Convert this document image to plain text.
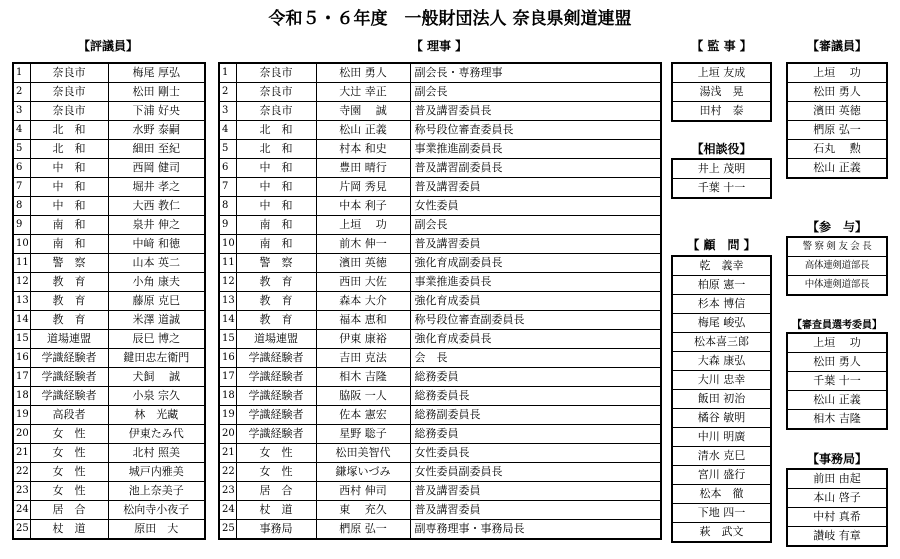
令和５・６年度　一般財団法人 奈良県剣道連盟
【評議員】
1	奈良市	梅尾 厚弘
2	奈良市	松田 剛士
3	奈良市	下浦 好央
4	北　和	水野 泰嗣
5	北　和	細田 至紀
6	中　和	西岡 健司
7	中　和	堀井 孝之
8	中　和	大西 教仁
9	南　和	泉井 伸之
10	南　和	中﨑 和徳
11	警　察	山本 英二
12	教　育	小角 康夫
13	教　育	藤原 克巳
14	教　育	米澤 道誠
15	道場連盟	辰巳 博之
16	学識経験者	鍵田忠左衛門
17	学識経験者	犬飼　 誠
18	学識経験者	小泉 宗久
19	高段者	林　光藏
20	女　性	伊東たみ代
21	女　性	北村 照美
22	女　性	城戸内雅美
23	女　性	池上奈美子
24	居　合	松向寺小夜子
25	杖　道	原田　大
【 理事 】
1	奈良市	松田 勇人	副会長・専務理事
2	奈良市	大辻 幸正	副会長
3	奈良市	寺園　 誠	普及講習委員長
4	北　和	松山 正義	称号段位審査委員長
5	北　和	村本 和史	事業推進副委員長
6	中　和	豊田 晴行	普及講習副委員長
7	中　和	片岡 秀見	普及講習委員
8	中　和	中本 利子	女性委員
9	南　和	上垣　 功	副会長
10	南　和	前木 伸一	普及講習委員
11	警　察	濱田 英徳	強化育成副委員長
12	教　育	西田 大佐	事業推進委員長
13	教　育	森本 大介	強化育成委員
14	教　育	福本 恵和	称号段位審査副委員長
15	道場連盟	伊東 康裕	強化育成委員長
16	学識経験者	吉田 克法	会　長
17	学識経験者	相木 吉隆	総務委員
18	学識経験者	脇阪 一人	総務委員長
19	学識経験者	佐本 憲宏	総務副委員長
20	学識経験者	星野 聡子	総務委員
21	女　性	松田美智代	女性委員長
22	女　性	鎌塚いづみ	女性委員副委員長
23	居　合	西村 伸司	普及講習委員
24	杖　道	東　 充久	普及講習委員
25	事務局	椚原 弘一	副専務理事・事務局長
【 監 事 】
上垣 友成
湯浅　晃
田村　泰
【相談役】
井上 茂明
千葉 十一
【 顧　問 】
乾　義幸
柏原 憲一
杉本 博信
梅尾 峻弘
松本喜三郎
大森 康弘
大川 忠幸
飯田 初治
橘谷 敏明
中川 明廣
清水 克巳
宮川 盛行
松本　徹
下地 四一
萩　武文
【審議員】
上垣　 功
松田 勇人
濱田 英徳
椚原 弘一
石丸　 勲
松山 正義
【参　与】
警 察 剣 友 会 長
高体連剣道部長
中体連剣道部長
【審査員選考委員】
上垣　 功
松田 勇人
千葉 十一
松山 正義
相木 吉隆
【事務局】
前田 由起
本山 啓子
中村 真希
讃岐 有章
